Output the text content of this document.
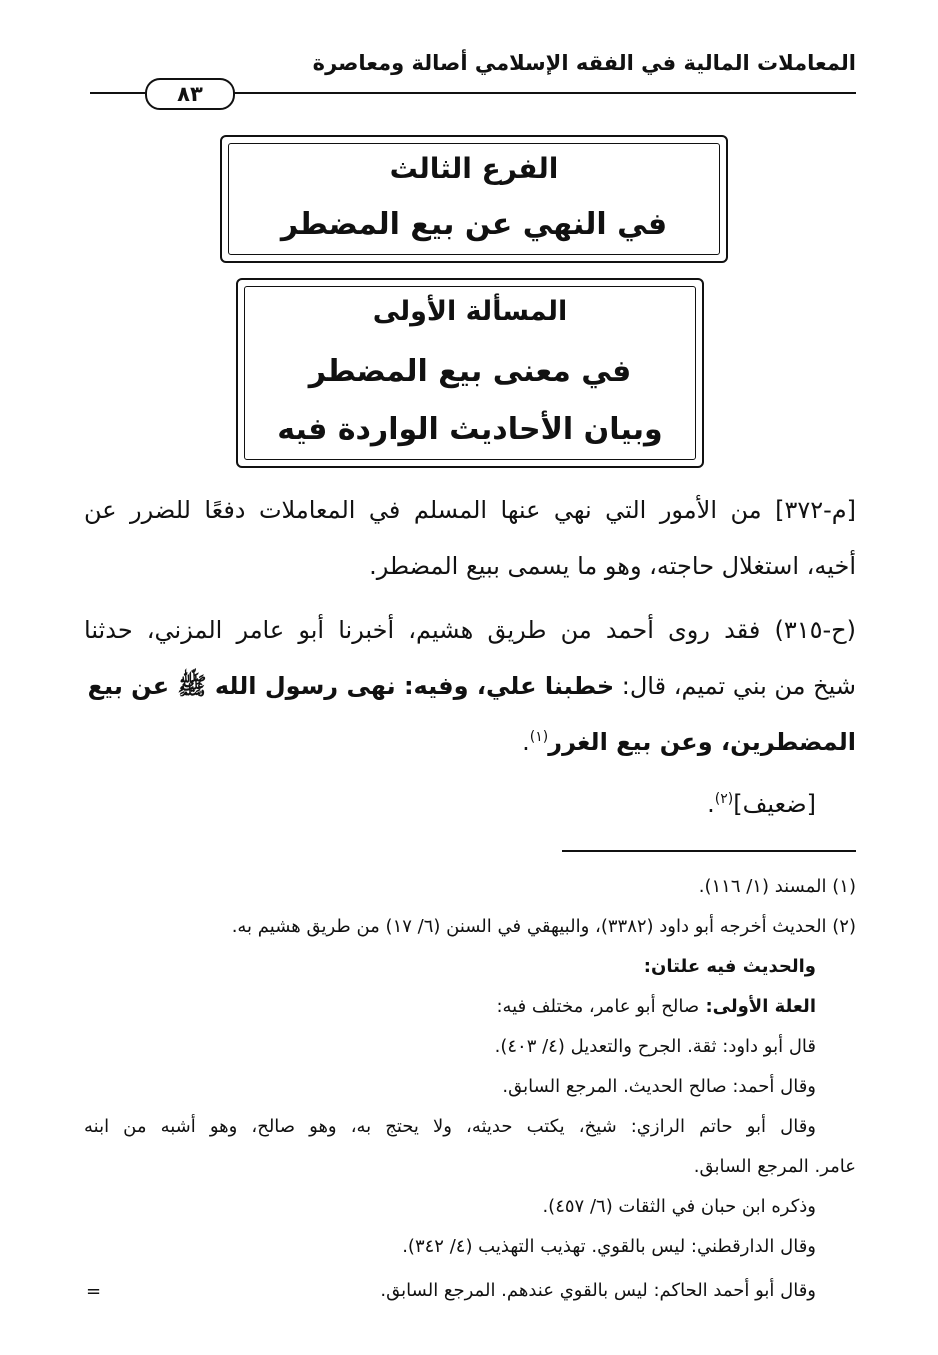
المعاملات المالية في الفقه الإسلامي أصالة ومعاصرة
٨٣
الفرع الثالث
في النهي عن بيع المضطر
المسألة الأولى
في معنى بيع المضطر
وبيان الأحاديث الواردة فيه
[م-٣٧٢] من الأمور التي نهي عنها المسلم في المعاملات دفعًا للضرر عن
أخيه، استغلال حاجته، وهو ما يسمى ببيع المضطر.
(ح-٣١٥) فقد روى أحمد من طريق هشيم، أخبرنا أبو عامر المزني، حدثنا
شيخ من بني تميم، قال: خطبنا علي، وفيه: نهى رسول الله ﷺ عن بيع
المضطرين، وعن بيع الغرر$^{(١)}$.
[ضعيف]$^{(٢)}$.
(١) المسند (١/ ١١٦).
(٢) الحديث أخرجه أبو داود (٣٣٨٢)، والبيهقي في السنن (٦/ ١٧) من طريق هشيم به.
والحديث فيه علتان:
العلة الأولى: صالح أبو عامر، مختلف فيه:
قال أبو داود: ثقة. الجرح والتعديل (٤/ ٤٠٣).
وقال أحمد: صالح الحديث. المرجع السابق.
وقال أبو حاتم الرازي: شيخ، يكتب حديثه، ولا يحتج به، وهو صالح، وهو أشبه من ابنه
عامر. المرجع السابق.
وذكره ابن حبان في الثقات (٦/ ٤٥٧).
وقال الدارقطني: ليس بالقوي. تهذيب التهذيب (٤/ ٣٤٢).
وقال أبو أحمد الحاكم: ليس بالقوي عندهم. المرجع السابق.
=
